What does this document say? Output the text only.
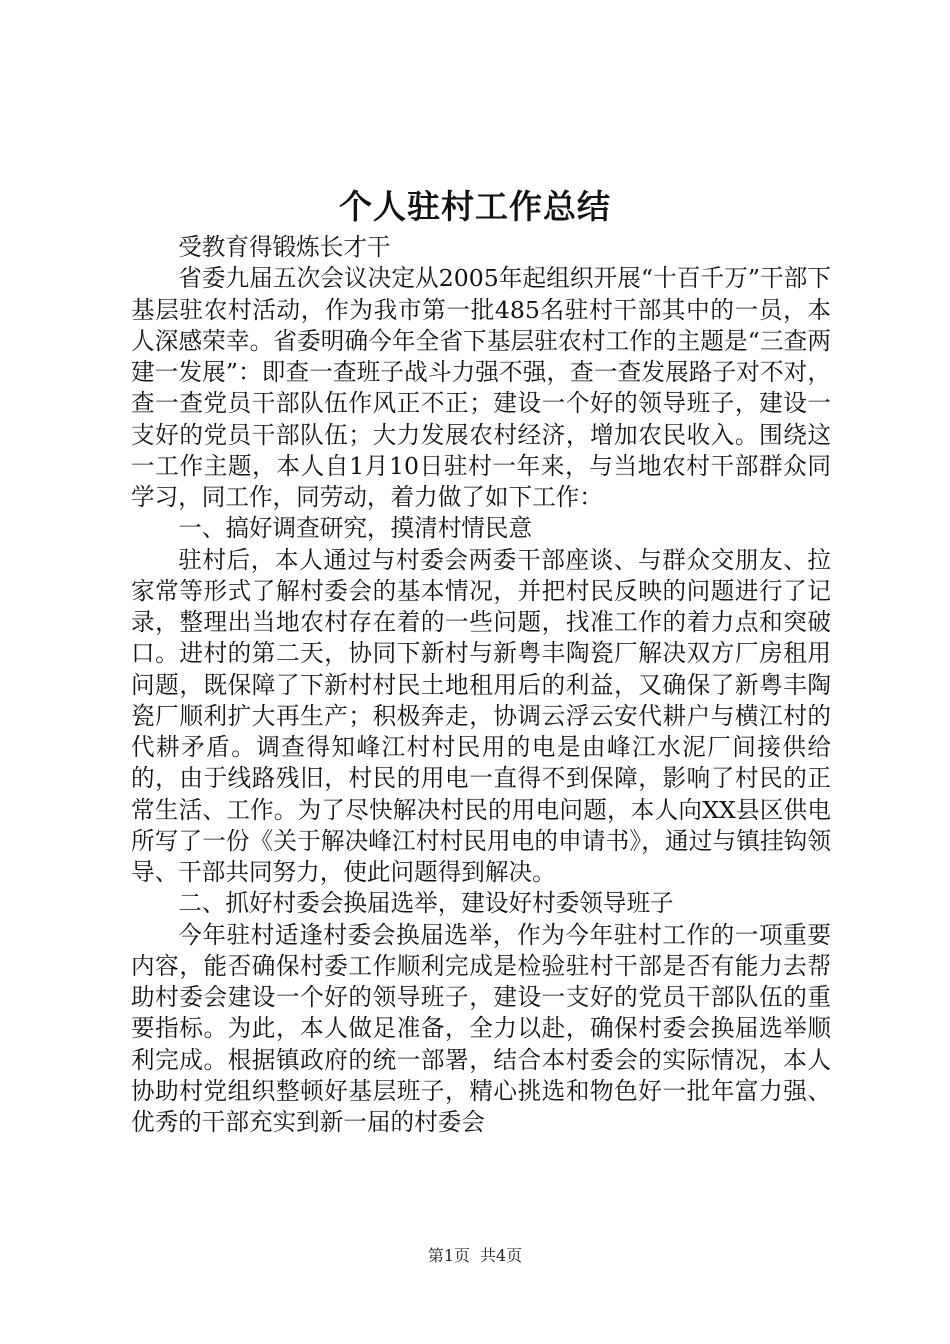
个人驻村工作总结

受教育得锻炼长才干

省委九届五次会议决定从2005年起组织开展“十百千万”干部下基层驻农村活动，作为我市第一批485名驻村干部其中的一员，本人深感荣幸。省委明确今年全省下基层驻农村工作的主题是“三查两建一发展”：即查一查班子战斗力强不强，查一查发展路子对不对，查一查党员干部队伍作风正不正；建设一个好的领导班子，建设一支好的党员干部队伍；大力发展农村经济，增加农民收入。围绕这一工作主题，本人自1月10日驻村一年来，与当地农村干部群众同学习，同工作，同劳动，着力做了如下工作：

一、搞好调查研究，摸清村情民意

驻村后，本人通过与村委会两委干部座谈、与群众交朋友、拉家常等形式了解村委会的基本情况，并把村民反映的问题进行了记录，整理出当地农村存在着的一些问题，找准工作的着力点和突破口。进村的第二天，协同下新村与新粤丰陶瓷厂解决双方厂房租用问题，既保障了下新村村民土地租用后的利益，又确保了新粤丰陶瓷厂顺利扩大再生产；积极奔走，协调云浮云安代耕户与横江村的代耕矛盾。调查得知峰江村村民用的电是由峰江水泥厂间接供给的，由于线路残旧，村民的用电一直得不到保障，影响了村民的正常生活、工作。为了尽快解决村民的用电问题，本人向XX县区供电所写了一份《关于解决峰江村村民用电的申请书》，通过与镇挂钩领导、干部共同努力，使此问题得到解决。

二、抓好村委会换届选举，建设好村委领导班子

今年驻村适逢村委会换届选举，作为今年驻村工作的一项重要内容，能否确保村委工作顺利完成是检验驻村干部是否有能力去帮助村委会建设一个好的领导班子，建设一支好的党员干部队伍的重要指标。为此，本人做足准备，全力以赴，确保村委会换届选举顺利完成。根据镇政府的统一部署，结合本村委会的实际情况，本人协助村党组织整顿好基层班子，精心挑选和物色好一批年富力强、优秀的干部充实到新一届的村委会

第1页 共4页
